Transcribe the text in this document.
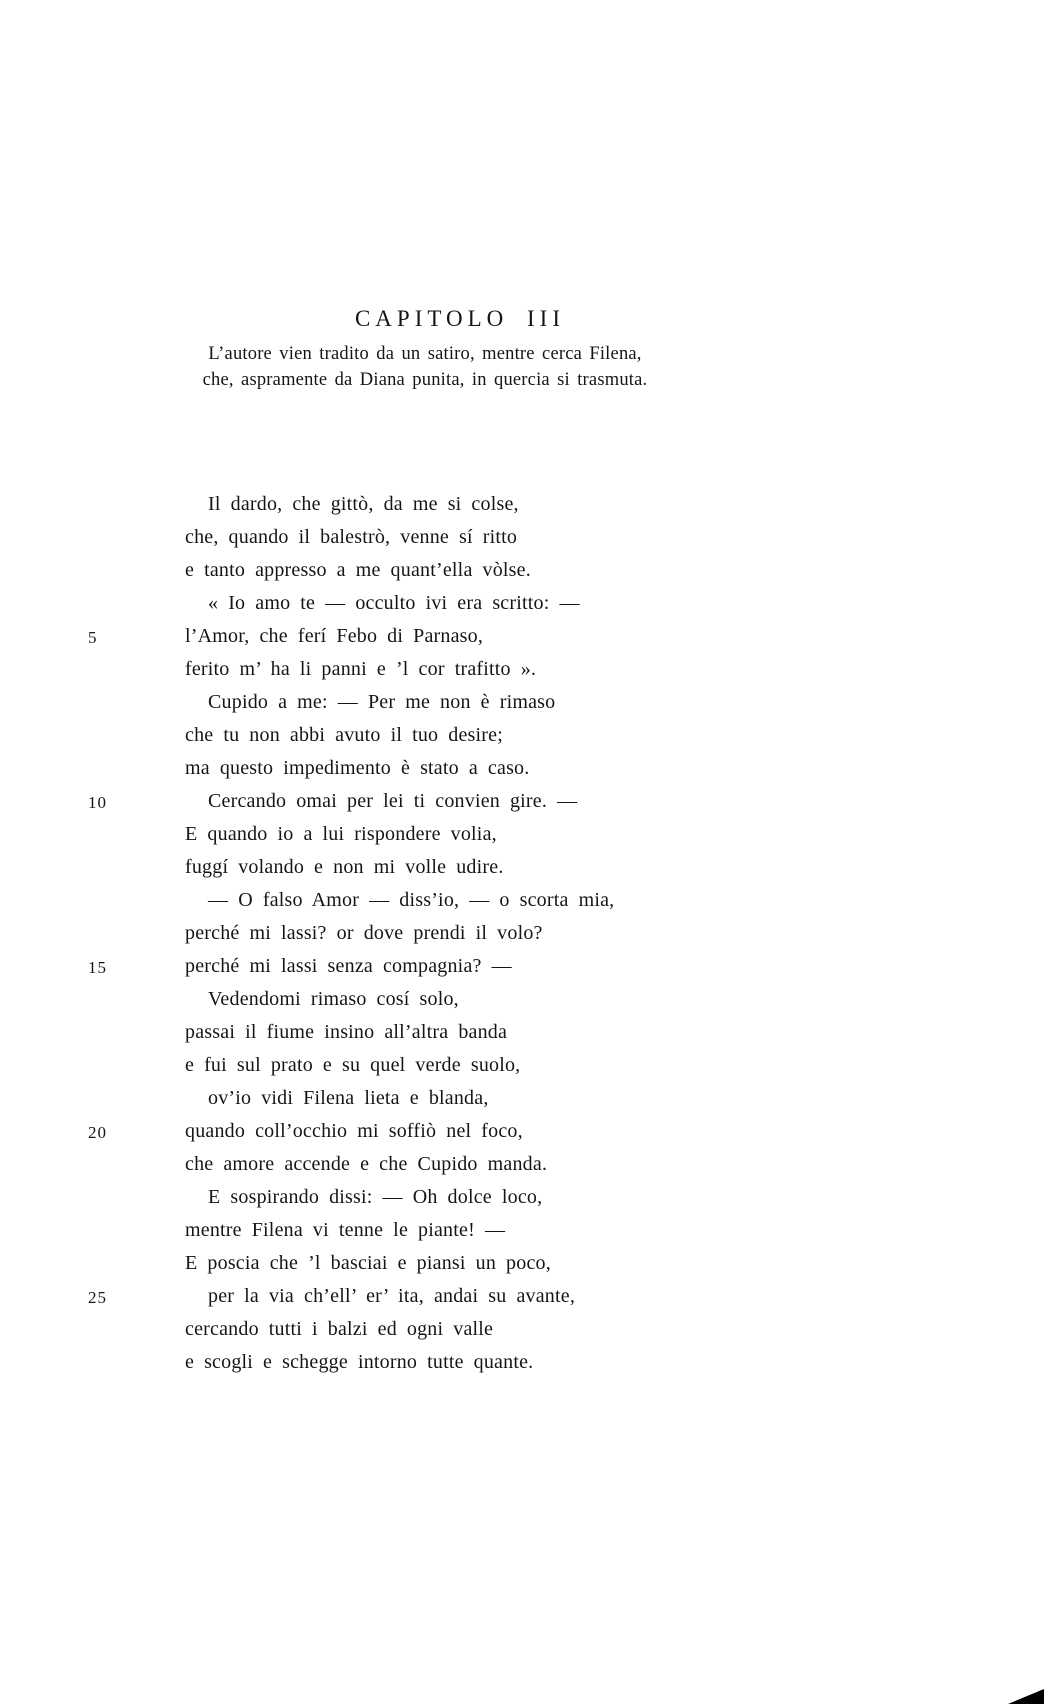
CAPITOLO III
L’autore vien tradito da un satiro, mentre cerca Filena,
che, aspramente da Diana punita, in quercia si trasmuta.
Il dardo, che gittò, da me si colse,
che, quando il balestrò, venne sí ritto
e tanto appresso a me quant’ella vòlse.
« Io amo te — occulto ivi era scritto: —
5	l’Amor, che ferí Febo di Parnaso,
ferito m’ ha li panni e ’l cor trafitto ».
Cupido a me: — Per me non è rimaso
che tu non abbi avuto il tuo desire;
ma questo impedimento è stato a caso.
10	Cercando omai per lei ti convien gire. —
E quando io a lui rispondere volia,
fuggí volando e non mi volle udire.
— O falso Amor — diss’io, — o scorta mia,
perché mi lassi? or dove prendi il volo?
15	perché mi lassi senza compagnia? —
Vedendomi rimaso cosí solo,
passai il fiume insino all’altra banda
e fui sul prato e su quel verde suolo,
ov’io vidi Filena lieta e blanda,
20	quando coll’occhio mi soffiò nel foco,
che amore accende e che Cupido manda.
E sospirando dissi: — Oh dolce loco,
mentre Filena vi tenne le piante! —
E poscia che ’l basciai e piansi un poco,
25	per la via ch’ell’ er’ ita, andai su avante,
cercando tutti i balzi ed ogni valle
e scogli e schegge intorno tutte quante.
